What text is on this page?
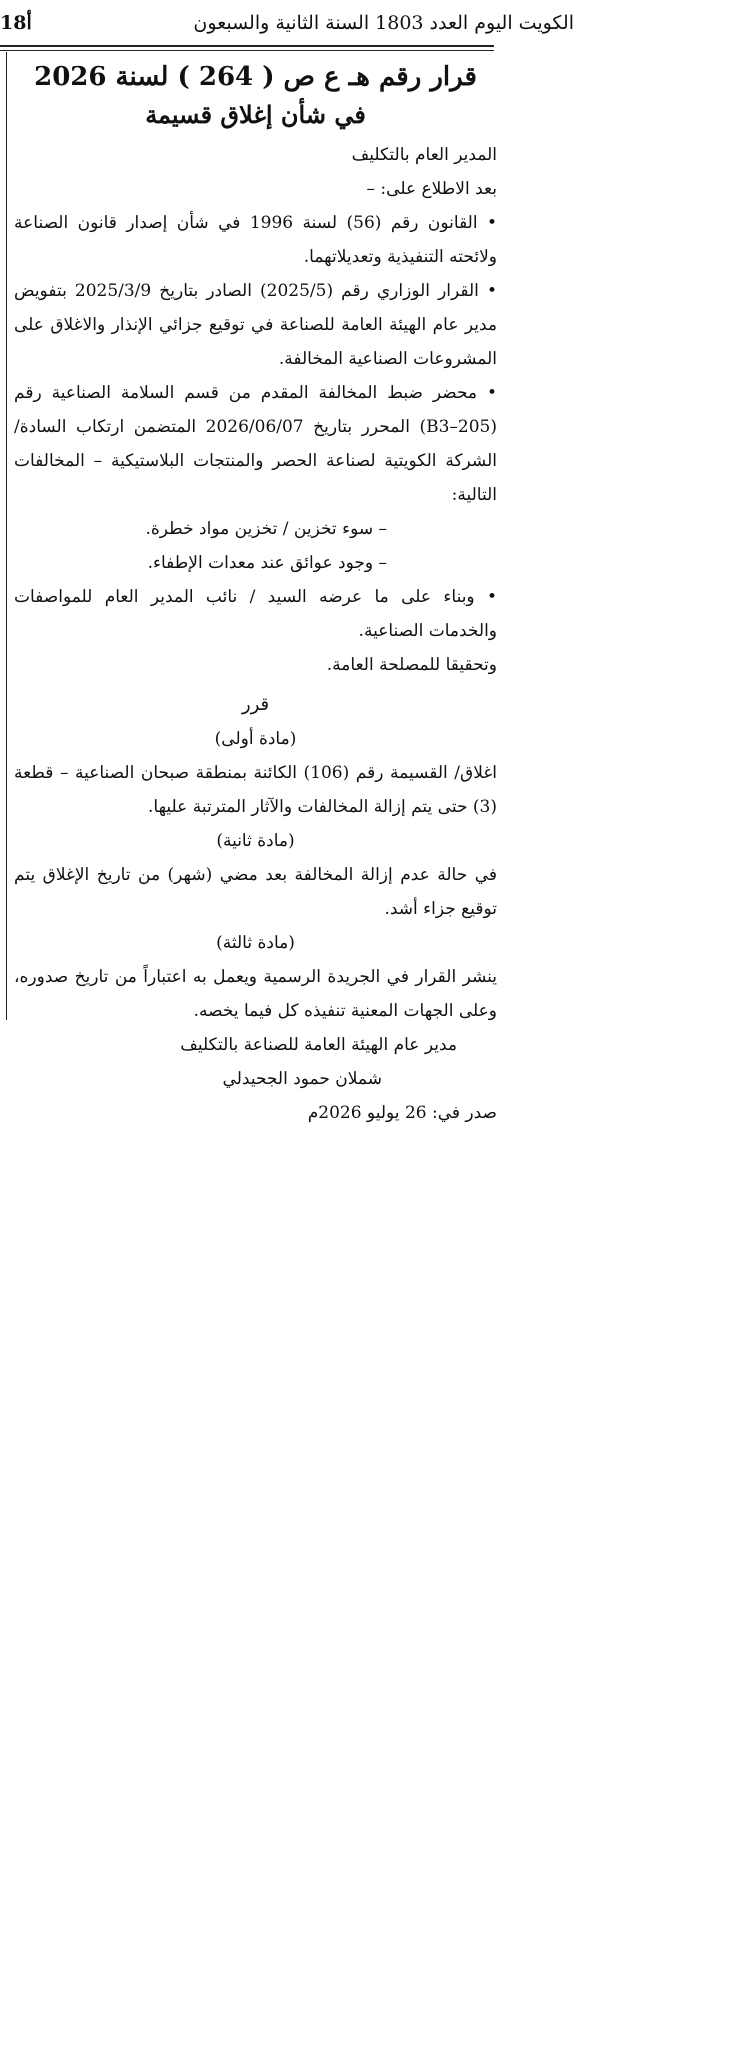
18أ	الكويت اليوم العدد 1803 السنة الثانية والسبعون
قرار رقم هـ ع ص ( 264 ) لسنة 2026
في شأن إغلاق قسيمة
المدير العام بالتكليف
بعد الاطلاع على: –
• القانون رقم (56) لسنة 1996 في شأن إصدار قانون الصناعة ولائحته التنفيذية وتعديلاتهما.
• القرار الوزاري رقم (2025/5) الصادر بتاريخ 2025/3/9 بتفويض مدير عام الهيئة العامة للصناعة في توقيع جزائي الإنذار والاغلاق على المشروعات الصناعية المخالفة.
• محضر ضبط المخالفة المقدم من قسم السلامة الصناعية رقم (B3–205) المحرر بتاريخ 2026/06/07 المتضمن ارتكاب السادة/ الشركة الكويتية لصناعة الحصر والمنتجات البلاستيكية – المخالفات التالية:
– سوء تخزين / تخزين مواد خطرة.
– وجود عوائق عند معدات الإطفاء.
• وبناء على ما عرضه السيد / نائب المدير العام للمواصفات والخدمات الصناعية.
وتحقيقا للمصلحة العامة.
قرر
(مادة أولى)
اغلاق/ القسيمة رقم (106) الكائنة بمنطقة صبحان الصناعية – قطعة (3) حتى يتم إزالة المخالفات والآثار المترتبة عليها.
(مادة ثانية)
في حالة عدم إزالة المخالفة بعد مضي (شهر) من تاريخ الإغلاق يتم توقيع جزاء أشد.
(مادة ثالثة)
ينشر القرار في الجريدة الرسمية ويعمل به اعتباراً من تاريخ صدوره، وعلى الجهات المعنية تنفيذه كل فيما يخصه.
مدير عام الهيئة العامة للصناعة بالتكليف
شملان حمود الجحيدلي
صدر في: 26 يوليو 2026م
